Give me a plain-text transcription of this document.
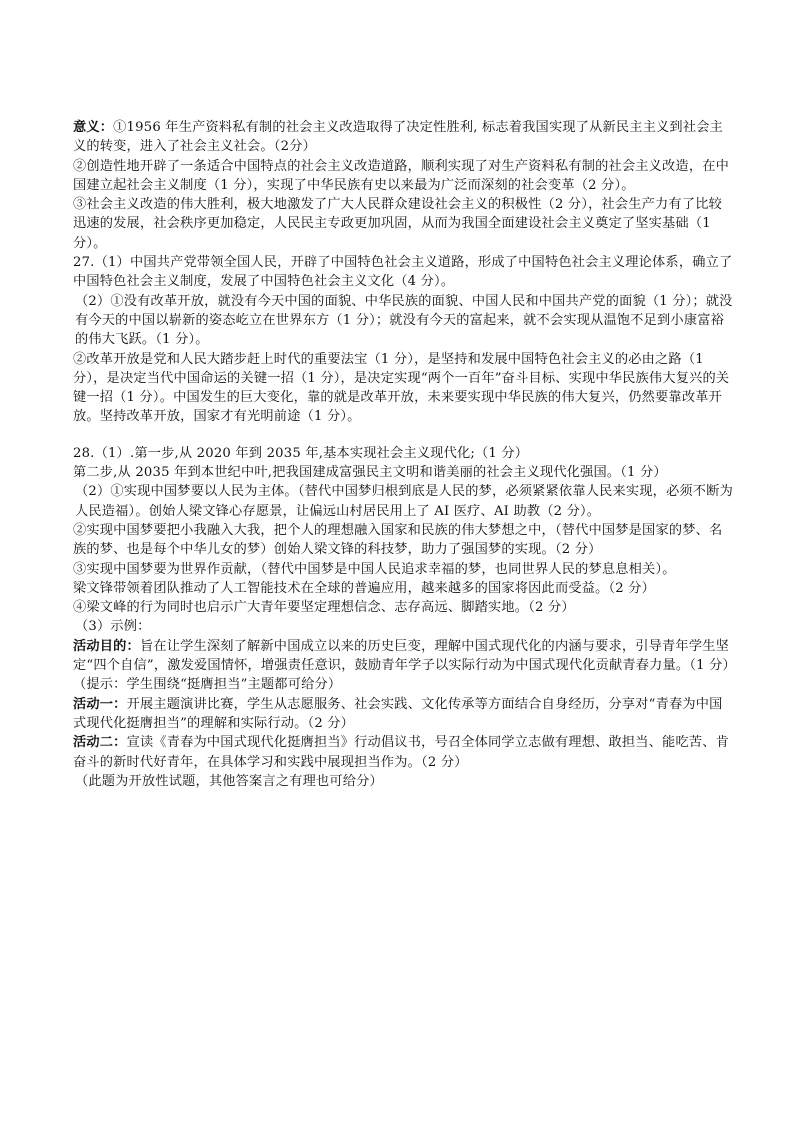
意义：①1956 年生产资料私有制的社会主义改造取得了决定性胜利, 标志着我国实现了从新民主主义到社会主义的转变，进入了社会主义社会。（2分）

②创造性地开辟了一条适合中国特点的社会主义改造道路，顺利实现了对生产资料私有制的社会主义改造，在中国建立起社会主义制度（1 分），实现了中华民族有史以来最为广泛而深刻的社会变革（2 分）。

③社会主义改造的伟大胜利，极大地激发了广大人民群众建设社会主义的积极性（2 分），社会生产力有了比较迅速的发展，社会秩序更加稳定，人民民主专政更加巩固，从而为我国全面建设社会主义奠定了坚实基础（1 分）。

27.（1）中国共产党带领全国人民，开辟了中国特色社会主义道路，形成了中国特色社会主义理论体系，确立了中国特色社会主义制度，发展了中国特色社会主义文化（4 分）。

（2）①没有改革开放，就没有今天中国的面貌、中华民族的面貌、中国人民和中国共产党的面貌（1 分）；就没有今天的中国以崭新的姿态屹立在世界东方（1 分）；就没有今天的富起来，就不会实现从温饱不足到小康富裕的伟大飞跃。（1 分）。

②改革开放是党和人民大踏步赶上时代的重要法宝（1 分），是坚持和发展中国特色社会主义的必由之路（1 分），是决定当代中国命运的关键一招（1 分），是决定实现“两个一百年”奋斗目标、实现中华民族伟大复兴的关键一招（1 分）。中国发生的巨大变化，靠的就是改革开放，未来要实现中华民族的伟大复兴，仍然要靠改革开放。坚持改革开放，国家才有光明前途（1 分）。

28.（1）.第一步,从 2020 年到 2035 年,基本实现社会主义现代化;（1 分）

第二步,从 2035 年到本世纪中叶,把我国建成富强民主文明和谐美丽的社会主义现代化强国。（1 分）

（2）①实现中国梦要以人民为主体。（替代中国梦归根到底是人民的梦，必须紧紧依靠人民来实现，必须不断为人民造福）。创始人梁文锋心存愿景，让偏远山村居民用上了 AI 医疗、AI 助教（2 分）。

②实现中国梦要把小我融入大我，把个人的理想融入国家和民族的伟大梦想之中，（替代中国梦是国家的梦、名族的梦、也是每个中华儿女的梦）创始人梁文锋的科技梦，助力了强国梦的实现。（2 分）

③实现中国梦要为世界作贡献，（替代中国梦是中国人民追求幸福的梦，也同世界人民的梦息息相关）。

梁文锋带领着团队推动了人工智能技术在全球的普遍应用，越来越多的国家将因此而受益。（2 分）

④梁文峰的行为同时也启示广大青年要坚定理想信念、志存高远、脚踏实地。（2 分）

（3）示例：

活动目的：旨在让学生深刻了解新中国成立以来的历史巨变，理解中国式现代化的内涵与要求，引导青年学生坚定“四个自信”，激发爱国情怀，增强责任意识，鼓励青年学子以实际行动为中国式现代化贡献青春力量。（1 分）（提示：学生围绕“挺膺担当”主题都可给分）

活动一：开展主题演讲比赛，学生从志愿服务、社会实践、文化传承等方面结合自身经历，分享对“青春为中国式现代化挺膺担当”的理解和实际行动。（2 分）

活动二：宣读《青春为中国式现代化挺膺担当》行动倡议书，号召全体同学立志做有理想、敢担当、能吃苦、肯奋斗的新时代好青年，在具体学习和实践中展现担当作为。（2 分）

（此题为开放性试题，其他答案言之有理也可给分）
